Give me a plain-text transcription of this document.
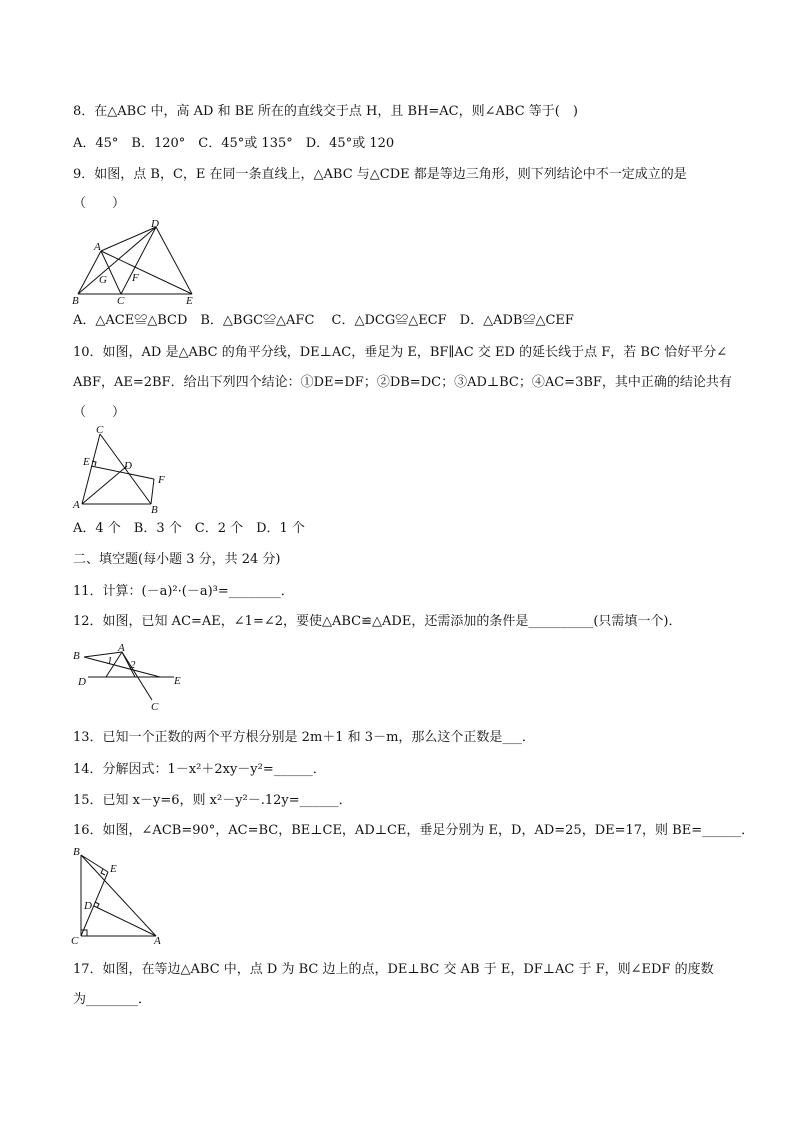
8．在△ABC 中，高 AD 和 BE 所在的直线交于点 H，且 BH=AC，则∠ABC 等于(　)
A．45°　B．120°　C．45°或 135°　D．45°或 120
9．如图，点 B，C，E 在同一条直线上，△ABC 与△CDE 都是等边三角形，则下列结论中不一定成立的是
（　　）
D
A
G F
B	C	E
A．△ACE≌△BCD　B．△BGC≌△AFC　 C．△DCG≌△ECF　D．△ADB≌△CEF
10．如图，AD 是△ABC 的角平分线，DE⊥AC，垂足为 E，BF∥AC 交 ED 的延长线于点 F，若 BC 恰好平分∠
ABF，AE=2BF．给出下列四个结论：①DE=DF；②DB=DC；③AD⊥BC；④AC=3BF，其中正确的结论共有
（　　）
C
E	D
F
A	B
A．4 个　B．3 个　C．2 个　D．1 个
二、填空题(每小题 3 分，共 24 分)
11．计算：(－a)²·(－a)³=________．
12．如图，已知 AC=AE，∠1=∠2，要使△ABC≌△ADE，还需添加的条件是__________(只需填一个)．
B
A
1 2
D	E
C
13．已知一个正数的两个平方根分别是 2m＋1 和 3－m，那么这个正数是___．
14．分解因式：1－x²＋2xy－y²=______．
15．已知 x－y=6，则 x²－y²－.12y=______．
16．如图，∠ACB=90°，AC=BC，BE⊥CE，AD⊥CE，垂足分别为 E，D，AD=25，DE=17，则 BE=______．
B
E
D
C	A
17．如图，在等边△ABC 中，点 D 为 BC 边上的点，DE⊥BC 交 AB 于 E，DF⊥AC 于 F，则∠EDF 的度数
为________．
